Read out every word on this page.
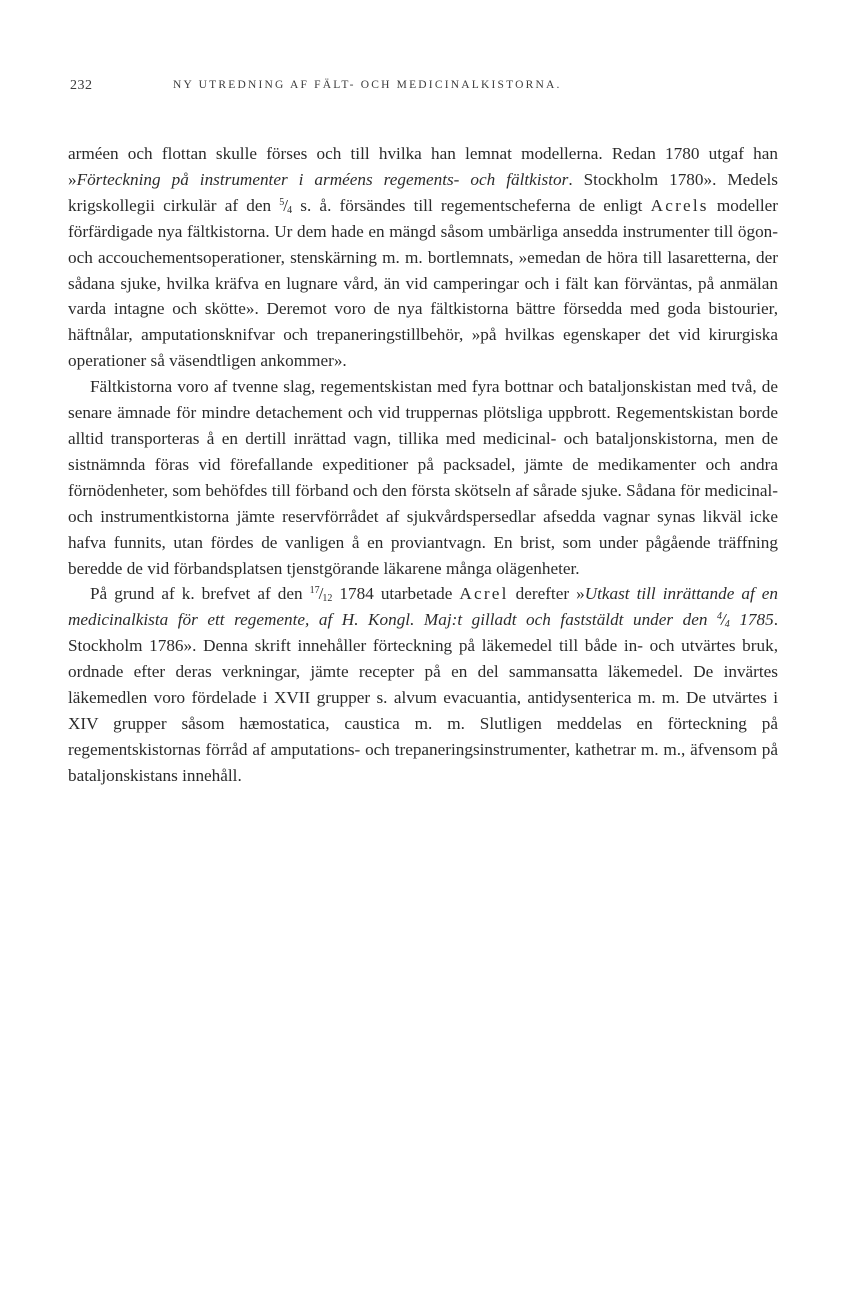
232	NY UTREDNING AF FÄLT- OCH MEDICINALKISTORNA.

arméen och flottan skulle förses och till hvilka han lemnat modellerna. Redan 1780 utgaf han »Förteckning på instrumenter i arméens regements- och fältkistor. Stockholm 1780». Medels krigskollegii cirkulär af den $^5/_4$ s. å. försändes till regementscheferna de enligt Acrels modeller förfärdigade nya fältkistorna. Ur dem hade en mängd såsom umbärliga ansedda instrumenter till ögon- och accouchementsoperationer, stenskärning m. m. bortlemnats, »emedan de höra till lasaretterna, der sådana sjuke, hvilka kräfva en lugnare vård, än vid camperingar och i fält kan förväntas, på anmälan varda intagne och skötte». Deremot voro de nya fältkistorna bättre försedda med goda bistourier, häftnålar, amputationsknifvar och trepaneringstillbehör, »på hvilkas egenskaper det vid kirurgiska operationer så väsendtligen ankommer».

Fältkistorna voro af tvenne slag, regementskistan med fyra bottnar och bataljonskistan med två, de senare ämnade för mindre detachement och vid truppernas plötsliga uppbrott. Regementskistan borde alltid transporteras å en dertill inrättad vagn, tillika med medicinal- och bataljonskistorna, men de sistnämnda föras vid förefallande expeditioner på packsadel, jämte de medikamenter och andra förnödenheter, som behöfdes till förband och den första skötseln af sårade sjuke. Sådana för medicinal- och instrumentkistorna jämte reservförrådet af sjukvårdspersedlar afsedda vagnar synas likväl icke hafva funnits, utan fördes de vanligen å en proviantvagn. En brist, som under pågående träffning beredde de vid förbandsplatsen tjenstgörande läkarene många olägenheter.

På grund af k. brefvet af den $^{17}/_{12}$ 1784 utarbetade Acrel derefter »Utkast till inrättande af en medicinalkista för ett regemente, af H. Kongl. Maj:t gilladt och faststäldt under den $^4/_4$ 1785. Stockholm 1786». Denna skrift innehåller förteckning på läkemedel till både in- och utvärtes bruk, ordnade efter deras verkningar, jämte recepter på en del sammansatta läkemedel. De invärtes läkemedlen voro fördelade i XVII grupper s. alvum evacuantia, antidysenterica m. m. De utvärtes i XIV grupper såsom hæmostatica, caustica m. m. Slutligen meddelas en förteckning på regementskistornas förråd af amputations- och trepaneringsinstrumenter, kathetrar m. m., äfvensom på bataljonskistans innehåll.
